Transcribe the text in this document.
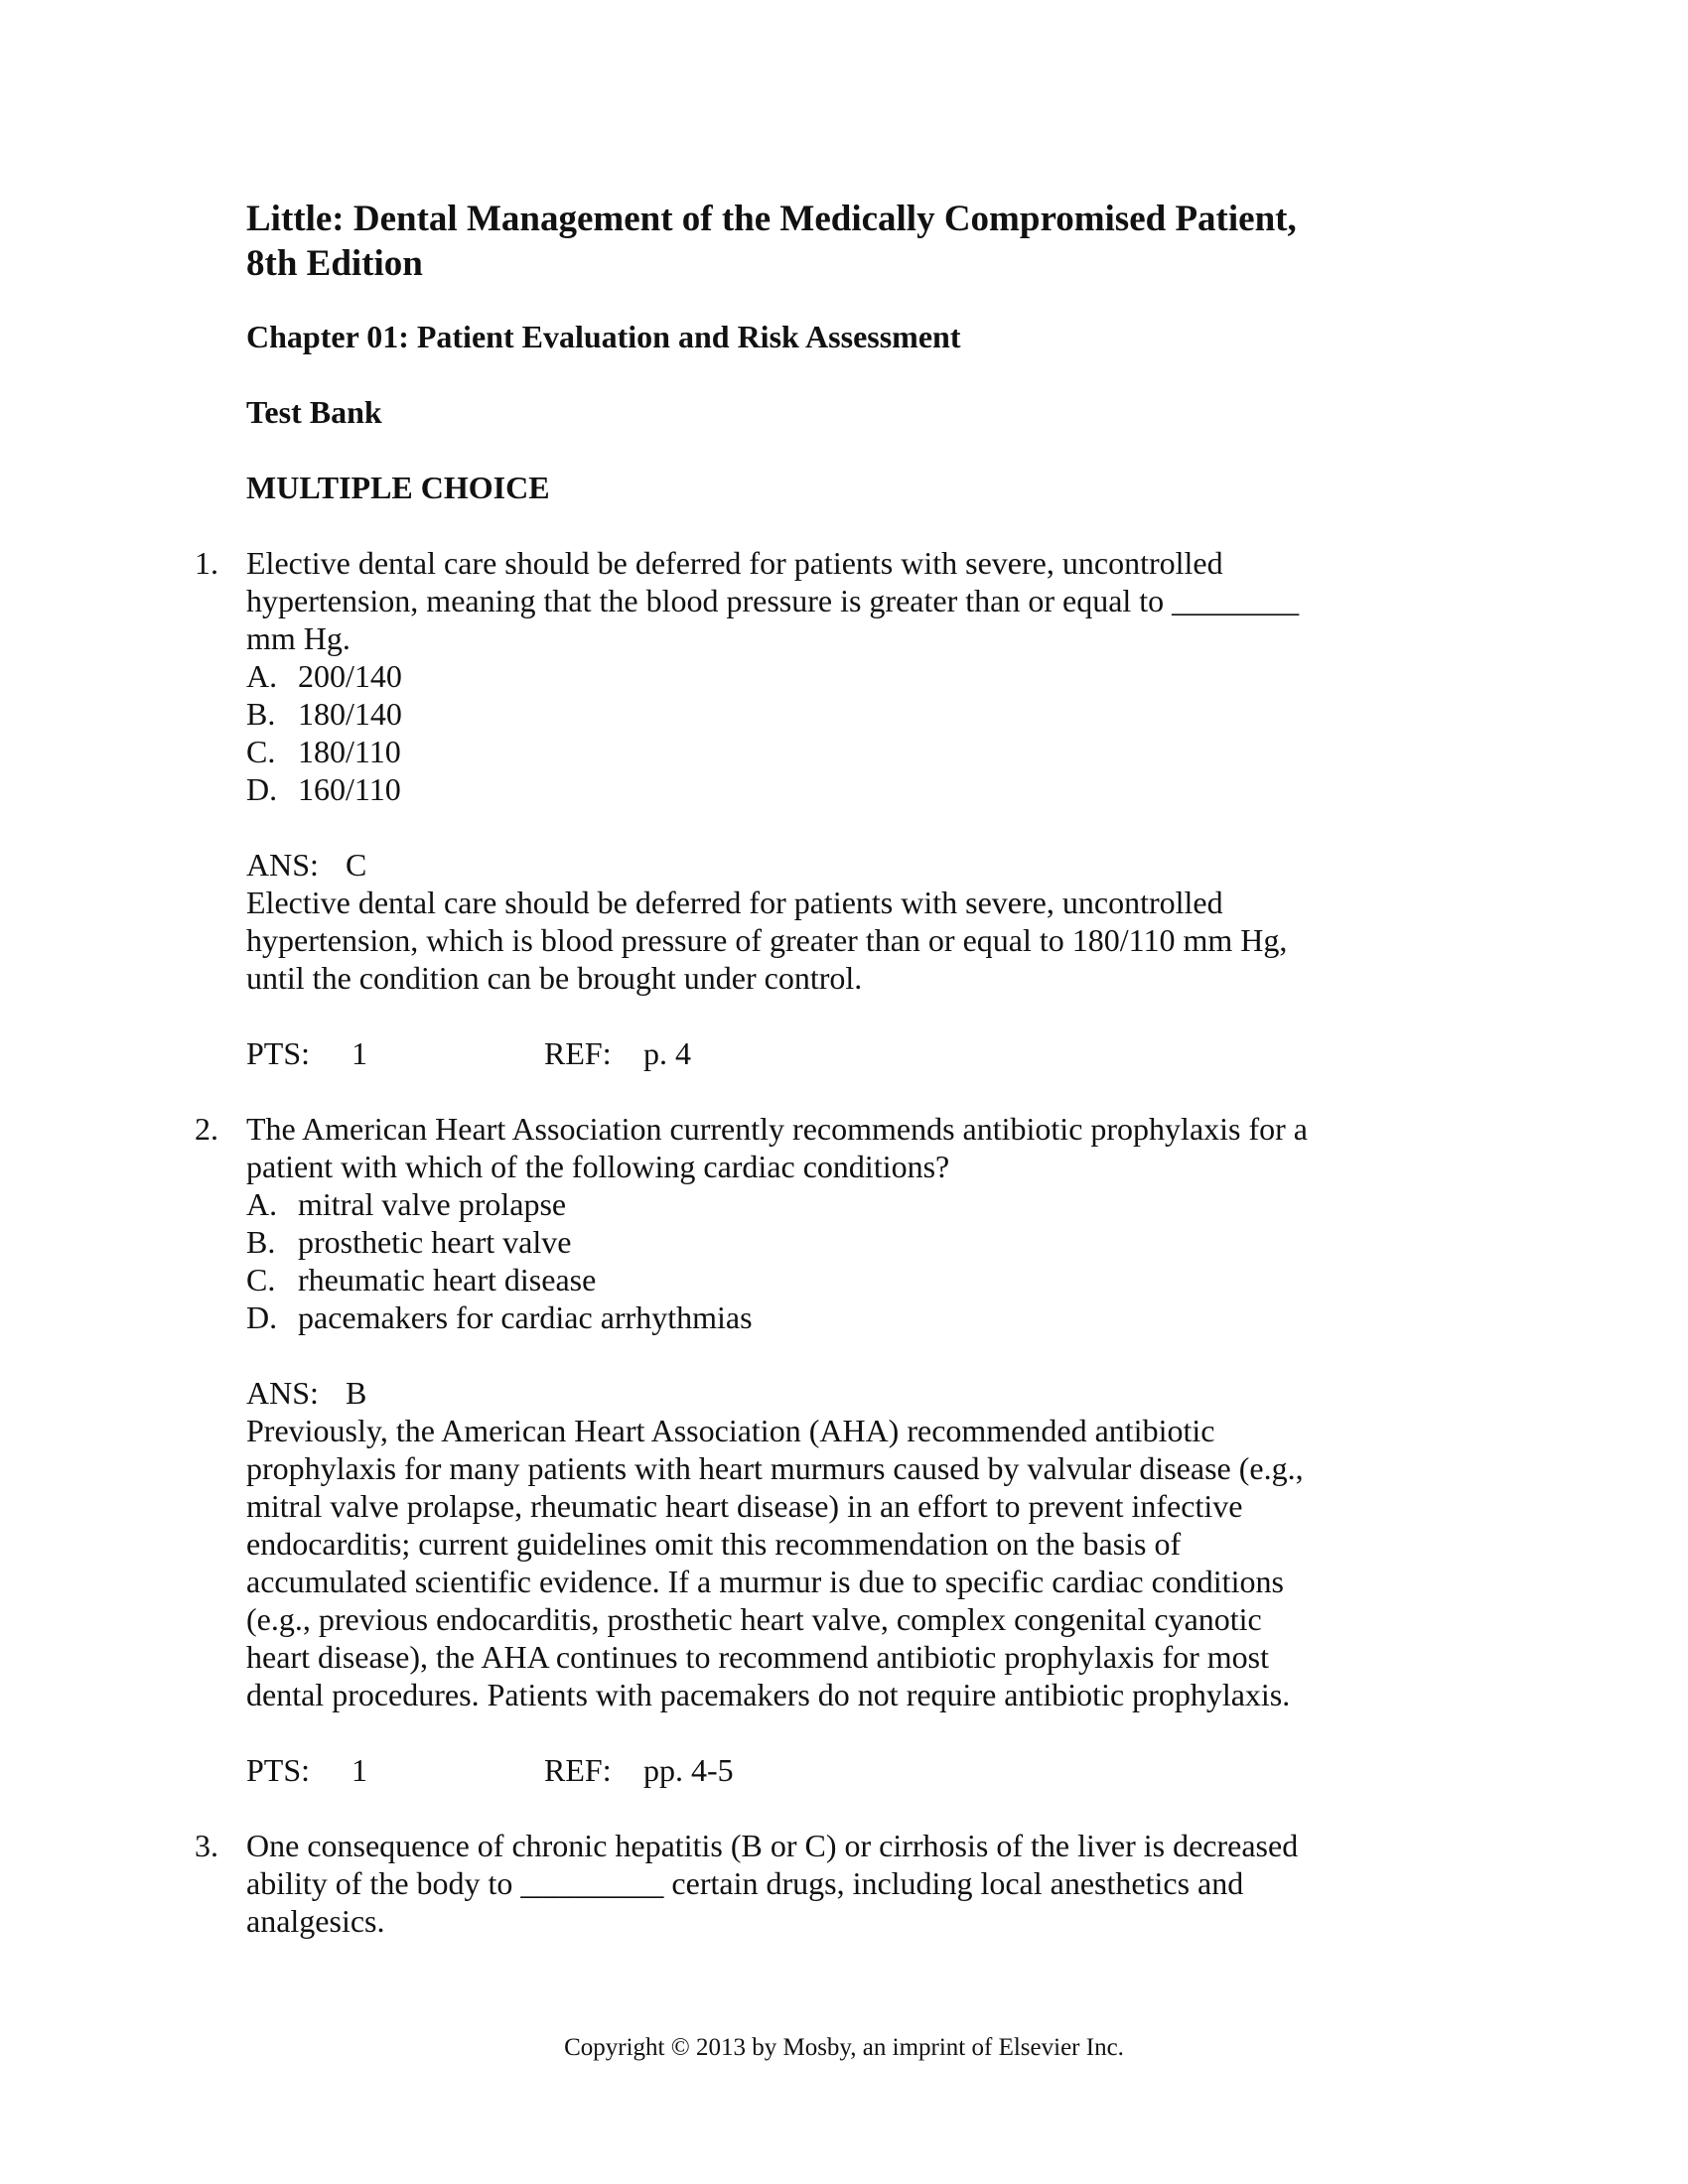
Little: Dental Management of the Medically Compromised Patient,
8th Edition
Chapter 01: Patient Evaluation and Risk Assessment
Test Bank
MULTIPLE CHOICE
1. Elective dental care should be deferred for patients with severe, uncontrolled
hypertension, meaning that the blood pressure is greater than or equal to ________
mm Hg.
A. 200/140
B. 180/140
C. 180/110
D. 160/110
ANS: C
Elective dental care should be deferred for patients with severe, uncontrolled
hypertension, which is blood pressure of greater than or equal to 180/110 mm Hg,
until the condition can be brought under control.
PTS: 1	REF: p. 4
2. The American Heart Association currently recommends antibiotic prophylaxis for a
patient with which of the following cardiac conditions?
A. mitral valve prolapse
B. prosthetic heart valve
C. rheumatic heart disease
D. pacemakers for cardiac arrhythmias
ANS: B
Previously, the American Heart Association (AHA) recommended antibiotic
prophylaxis for many patients with heart murmurs caused by valvular disease (e.g.,
mitral valve prolapse, rheumatic heart disease) in an effort to prevent infective
endocarditis; current guidelines omit this recommendation on the basis of
accumulated scientific evidence. If a murmur is due to specific cardiac conditions
(e.g., previous endocarditis, prosthetic heart valve, complex congenital cyanotic
heart disease), the AHA continues to recommend antibiotic prophylaxis for most
dental procedures. Patients with pacemakers do not require antibiotic prophylaxis.
PTS: 1	REF: pp. 4-5
3. One consequence of chronic hepatitis (B or C) or cirrhosis of the liver is decreased
ability of the body to _________ certain drugs, including local anesthetics and
analgesics.
Copyright © 2013 by Mosby, an imprint of Elsevier Inc.
